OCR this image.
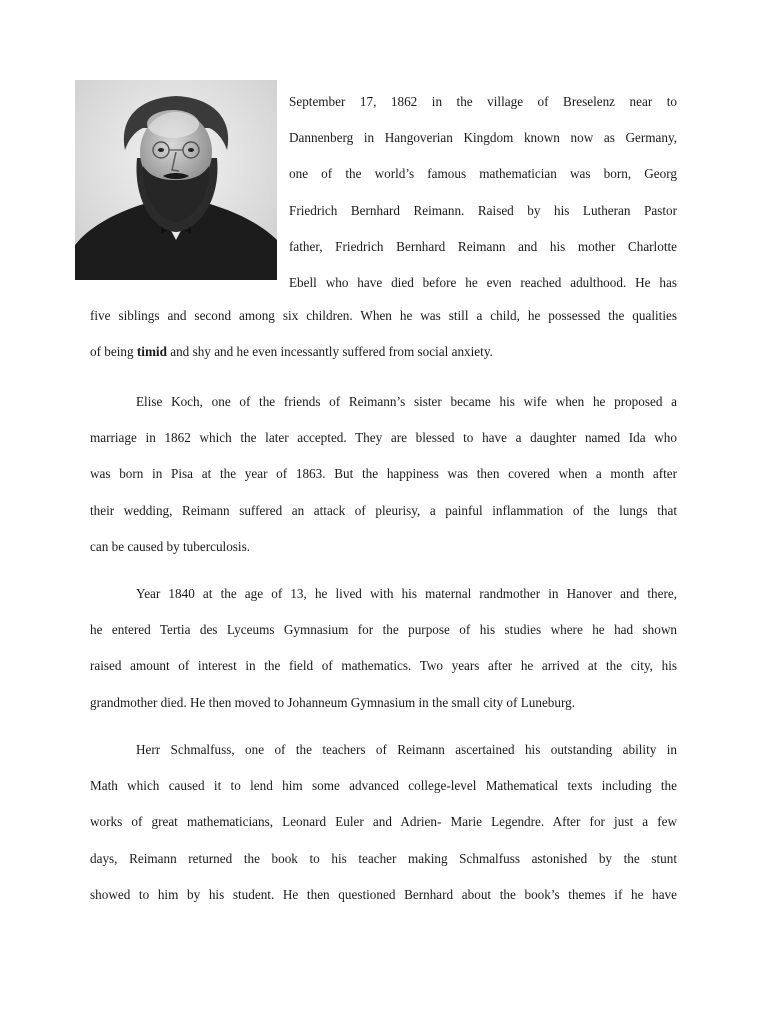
September 17, 1862 in the village of Breselenz near to
Dannenberg in Hangoverian Kingdom known now as Germany,
one of the world’s famous mathematician was born, Georg
Friedrich Bernhard Reimann. Raised by his Lutheran Pastor
father, Friedrich Bernhard Reimann and his mother Charlotte
Ebell who have died before he even reached adulthood. He has
five siblings and second among six children. When he was still a child, he possessed the qualities
of being timid and shy and he even incessantly suffered from social anxiety.
Elise Koch, one of the friends of Reimann’s sister became his wife when he proposed a
marriage in 1862 which the later accepted. They are blessed to have a daughter named Ida who
was born in Pisa at the year of 1863. But the happiness was then covered when a month after
their wedding, Reimann suffered an attack of pleurisy, a painful inflammation of the lungs that
can be caused by tuberculosis.
Year 1840 at the age of 13, he lived with his maternal randmother in Hanover and there,
he entered Tertia des Lyceums Gymnasium for the purpose of his studies where he had shown
raised amount of interest in the field of mathematics. Two years after he arrived at the city, his
grandmother died. He then moved to Johanneum Gymnasium in the small city of Luneburg.
Herr Schmalfuss, one of the teachers of Reimann ascertained his outstanding ability in
Math which caused it to lend him some advanced college-level Mathematical texts including the
works of great mathematicians, Leonard Euler and Adrien- Marie Legendre. After for just a few
days, Reimann returned the book to his teacher making Schmalfuss astonished by the stunt
showed to him by his student. He then questioned Bernhard about the book’s themes if he have
